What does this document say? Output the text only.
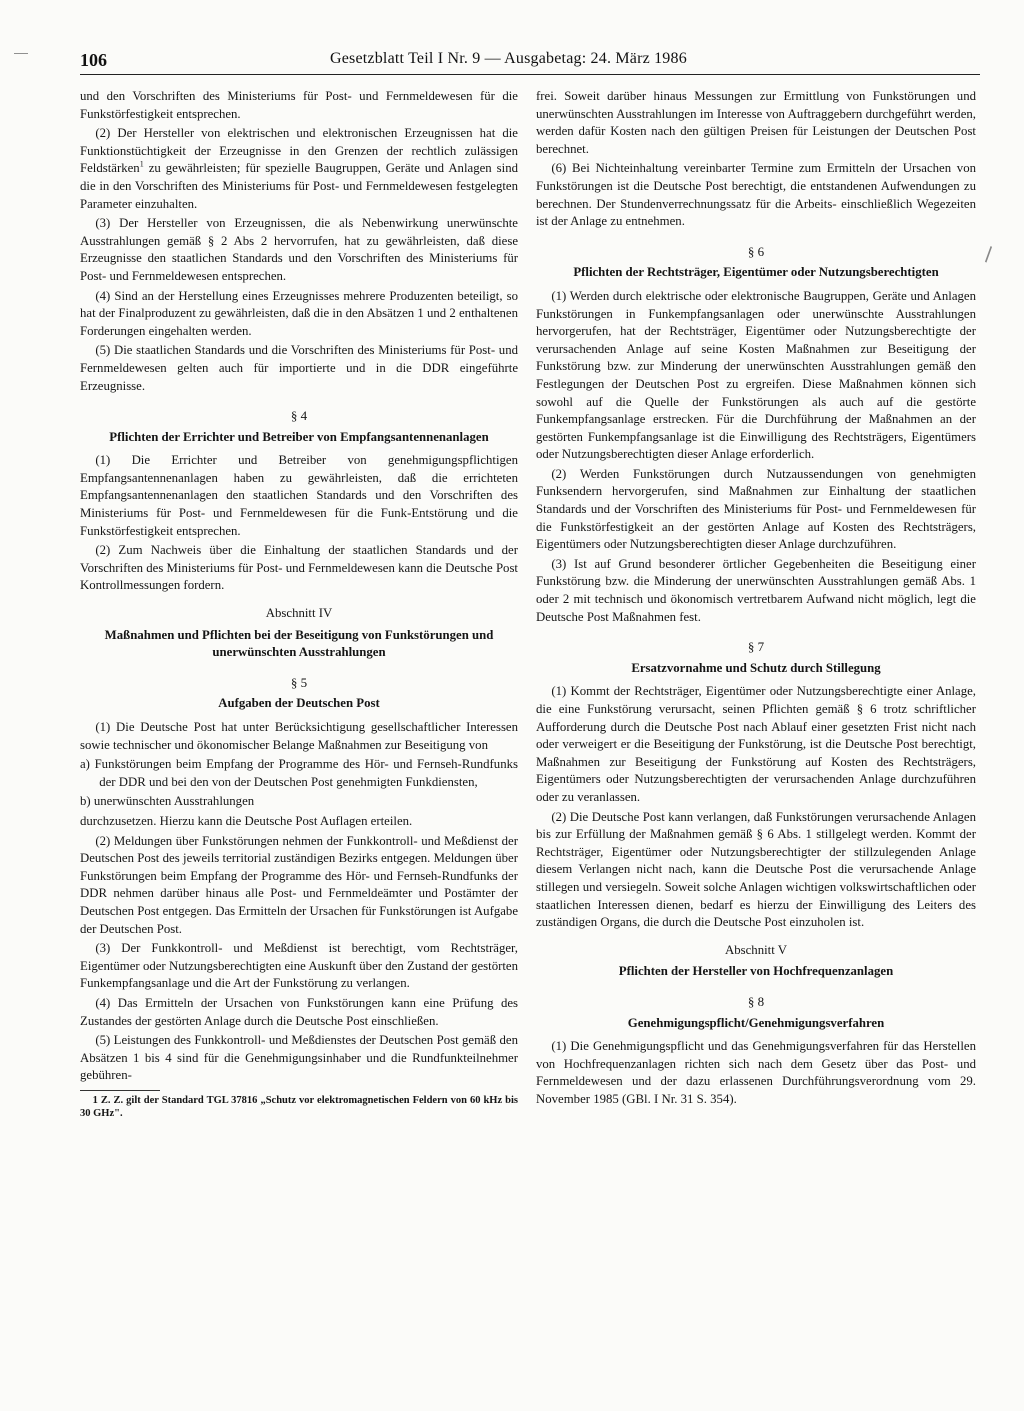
—
\
106	Gesetzblatt Teil I Nr. 9 — Ausgabetag: 24. März 1986

und den Vorschriften des Ministeriums für Post- und Fernmeldewesen für die Funkstörfestigkeit entsprechen.

(2) Der Hersteller von elektrischen und elektronischen Erzeugnissen hat die Funktionstüchtigkeit der Erzeugnisse in den Grenzen der rechtlich zulässigen Feldstärken$^1$ zu gewährleisten; für spezielle Baugruppen, Geräte und Anlagen sind die in den Vorschriften des Ministeriums für Post- und Fernmeldewesen festgelegten Parameter einzuhalten.

(3) Der Hersteller von Erzeugnissen, die als Nebenwirkung unerwünschte Ausstrahlungen gemäß § 2 Abs 2 hervorrufen, hat zu gewährleisten, daß diese Erzeugnisse den staatlichen Standards und den Vorschriften des Ministeriums für Post- und Fernmeldewesen entsprechen.

(4) Sind an der Herstellung eines Erzeugnisses mehrere Produzenten beteiligt, so hat der Finalproduzent zu gewährleisten, daß die in den Absätzen 1 und 2 enthaltenen Forderungen eingehalten werden.

(5) Die staatlichen Standards und die Vorschriften des Ministeriums für Post- und Fernmeldewesen gelten auch für importierte und in die DDR eingeführte Erzeugnisse.

§ 4
Pflichten der Errichter und Betreiber von Empfangsantennenanlagen

(1) Die Errichter und Betreiber von genehmigungspflichtigen Empfangsantennenanlagen haben zu gewährleisten, daß die errichteten Empfangsantennenanlagen den staatlichen Standards und den Vorschriften des Ministeriums für Post- und Fernmeldewesen für die Funk-Entstörung und die Funkstörfestigkeit entsprechen.

(2) Zum Nachweis über die Einhaltung der staatlichen Standards und der Vorschriften des Ministeriums für Post- und Fernmeldewesen kann die Deutsche Post Kontrollmessungen fordern.

Abschnitt IV
Maßnahmen und Pflichten bei der Beseitigung von Funkstörungen und unerwünschten Ausstrahlungen
§ 5
Aufgaben der Deutschen Post

(1) Die Deutsche Post hat unter Berücksichtigung gesellschaftlicher Interessen sowie technischer und ökonomischer Belange Maßnahmen zur Beseitigung von

a) Funkstörungen beim Empfang der Programme des Hör- und Fernseh-Rundfunks der DDR und bei den von der Deutschen Post genehmigten Funkdiensten,
b) unerwünschten Ausstrahlungen

durchzusetzen. Hierzu kann die Deutsche Post Auflagen erteilen.

(2) Meldungen über Funkstörungen nehmen der Funkkontroll- und Meßdienst der Deutschen Post des jeweils territorial zuständigen Bezirks entgegen. Meldungen über Funkstörungen beim Empfang der Programme des Hör- und Fernseh-Rundfunks der DDR nehmen darüber hinaus alle Post- und Fernmeldeämter und Postämter der Deutschen Post entgegen. Das Ermitteln der Ursachen für Funkstörungen ist Aufgabe der Deutschen Post.

(3) Der Funkkontroll- und Meßdienst ist berechtigt, vom Rechtsträger, Eigentümer oder Nutzungsberechtigten eine Auskunft über den Zustand der gestörten Funkempfangsanlage und die Art der Funkstörung zu verlangen.

(4) Das Ermitteln der Ursachen von Funkstörungen kann eine Prüfung des Zustandes der gestörten Anlage durch die Deutsche Post einschließen.

(5) Leistungen des Funkkontroll- und Meßdienstes der Deutschen Post gemäß den Absätzen 1 bis 4 sind für die Genehmigungsinhaber und die Rundfunkteilnehmer gebühren-

1 Z. Z. gilt der Standard TGL 37816 „Schutz vor elektromagnetischen Feldern von 60 kHz bis 30 GHz".

frei. Soweit darüber hinaus Messungen zur Ermittlung von Funkstörungen und unerwünschten Ausstrahlungen im Interesse von Auftraggebern durchgeführt werden, werden dafür Kosten nach den gültigen Preisen für Leistungen der Deutschen Post berechnet.

(6) Bei Nichteinhaltung vereinbarter Termine zum Ermitteln der Ursachen von Funkstörungen ist die Deutsche Post berechtigt, die entstandenen Aufwendungen zu berechnen. Der Stundenverrechnungssatz für die Arbeits- einschließlich Wegezeiten ist der Anlage zu entnehmen.

§ 6
Pflichten der Rechtsträger, Eigentümer oder Nutzungsberechtigten

(1) Werden durch elektrische oder elektronische Baugruppen, Geräte und Anlagen Funkstörungen in Funkempfangsanlagen oder unerwünschte Ausstrahlungen hervorgerufen, hat der Rechtsträger, Eigentümer oder Nutzungsberechtigte der verursachenden Anlage auf seine Kosten Maßnahmen zur Beseitigung der Funkstörung bzw. zur Minderung der unerwünschten Ausstrahlungen gemäß den Festlegungen der Deutschen Post zu ergreifen. Diese Maßnahmen können sich sowohl auf die Quelle der Funkstörungen als auch auf die gestörte Funkempfangsanlage erstrecken. Für die Durchführung der Maßnahmen an der gestörten Funkempfangsanlage ist die Einwilligung des Rechtsträgers, Eigentümers oder Nutzungsberechtigten dieser Anlage erforderlich.

(2) Werden Funkstörungen durch Nutzaussendungen von genehmigten Funksendern hervorgerufen, sind Maßnahmen zur Einhaltung der staatlichen Standards und der Vorschriften des Ministeriums für Post- und Fernmeldewesen für die Funkstörfestigkeit an der gestörten Anlage auf Kosten des Rechtsträgers, Eigentümers oder Nutzungsberechtigten dieser Anlage durchzuführen.

(3) Ist auf Grund besonderer örtlicher Gegebenheiten die Beseitigung einer Funkstörung bzw. die Minderung der unerwünschten Ausstrahlungen gemäß Abs. 1 oder 2 mit technisch und ökonomisch vertretbarem Aufwand nicht möglich, legt die Deutsche Post Maßnahmen fest.

§ 7
Ersatzvornahme und Schutz durch Stillegung

(1) Kommt der Rechtsträger, Eigentümer oder Nutzungsberechtigte einer Anlage, die eine Funkstörung verursacht, seinen Pflichten gemäß § 6 trotz schriftlicher Aufforderung durch die Deutsche Post nach Ablauf einer gesetzten Frist nicht nach oder verweigert er die Beseitigung der Funkstörung, ist die Deutsche Post berechtigt, Maßnahmen zur Beseitigung der Funkstörung auf Kosten des Rechtsträgers, Eigentümers oder Nutzungsberechtigten der verursachenden Anlage durchzuführen oder zu veranlassen.

(2) Die Deutsche Post kann verlangen, daß Funkstörungen verursachende Anlagen bis zur Erfüllung der Maßnahmen gemäß § 6 Abs. 1 stillgelegt werden. Kommt der Rechtsträger, Eigentümer oder Nutzungsberechtigter der stillzulegenden Anlage diesem Verlangen nicht nach, kann die Deutsche Post die verursachende Anlage stillegen und versiegeln. Soweit solche Anlagen wichtigen volkswirtschaftlichen oder staatlichen Interessen dienen, bedarf es hierzu der Einwilligung des Leiters des zuständigen Organs, die durch die Deutsche Post einzuholen ist.

Abschnitt V
Pflichten der Hersteller von Hochfrequenzanlagen
§ 8
Genehmigungspflicht/Genehmigungsverfahren

(1) Die Genehmigungspflicht und das Genehmigungsverfahren für das Herstellen von Hochfrequenzanlagen richten sich nach dem Gesetz über das Post- und Fernmeldewesen und der dazu erlassenen Durchführungsverordnung vom 29. November 1985 (GBl. I Nr. 31 S. 354).
